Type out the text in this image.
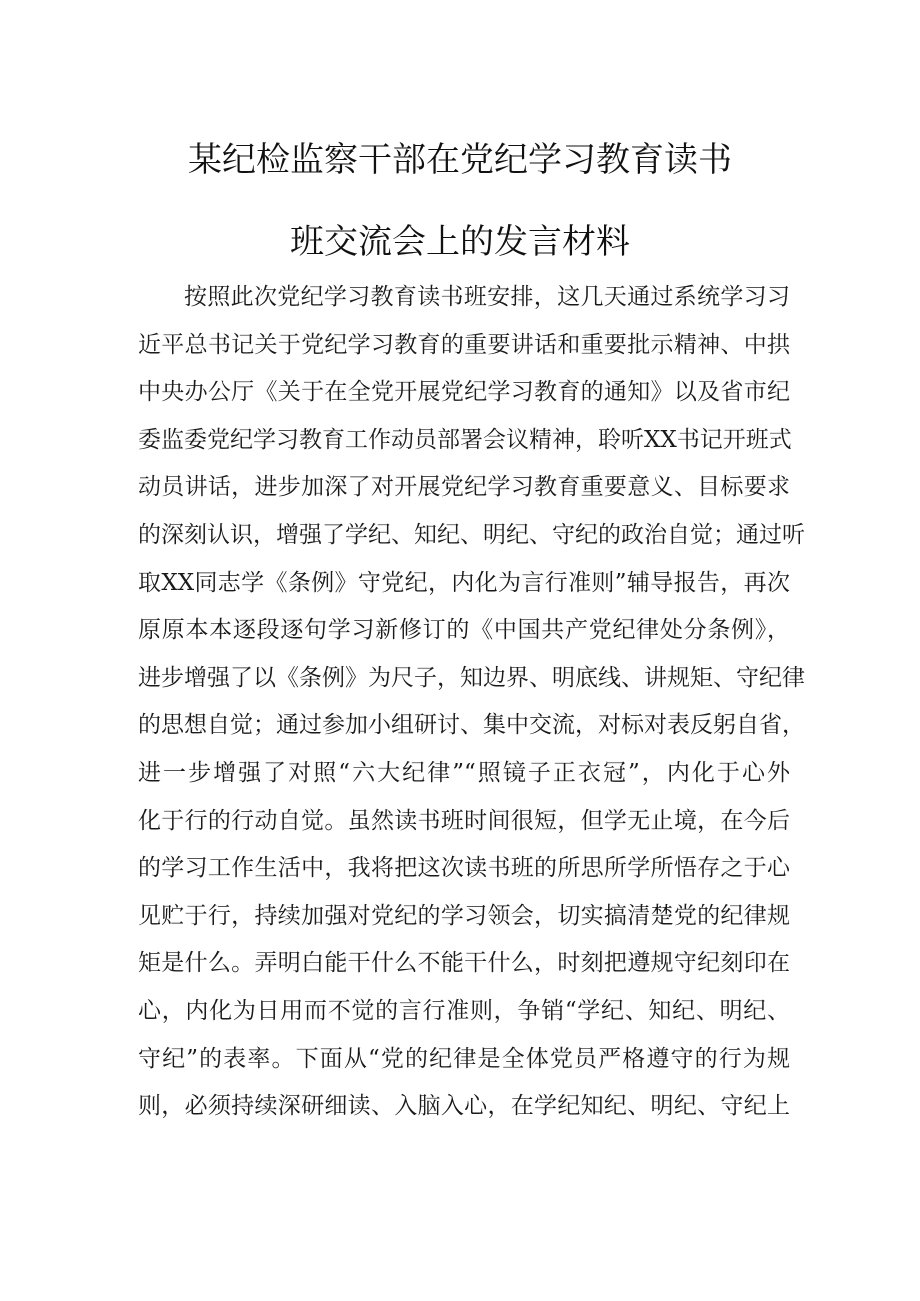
某纪检监察干部在党纪学习教育读书
班交流会上的发言材料
按照此次党纪学习教育读书班安排，这几天通过系统学习习
近平总书记关于党纪学习教育的重要讲话和重要批示精神、中拱
中央办公厅《关于在全党开展党纪学习教育的通知》以及省市纪
委监委党纪学习教育工作动员部署会议精神，聆听XX书记开班式
动员讲话，进步加深了对开展党纪学习教育重要意义、目标要求
的深刻认识，增强了学纪、知纪、明纪、守纪的政治自觉；通过听
取XX同志学《条例》守党纪，内化为言行准则”辅导报告，再次
原原本本逐段逐句学习新修订的《中国共产党纪律处分条例》，
进步增强了以《条例》为尺子，知边界、明底线、讲规矩、守纪律
的思想自觉；通过参加小组研讨、集中交流，对标对表反躬自省，
进一步增强了对照“六大纪律”“照镜子正衣冠”，内化于心外
化于行的行动自觉。虽然读书班时间很短，但学无止境，在今后
的学习工作生活中，我将把这次读书班的所思所学所悟存之于心
见贮于行，持续加强对党纪的学习领会，切实搞清楚党的纪律规
矩是什么。弄明白能干什么不能干什么，时刻把遵规守纪刻印在
心，内化为日用而不觉的言行准则，争销“学纪、知纪、明纪、
守纪”的表率。下面从“党的纪律是全体党员严格遵守的行为规
则，必须持续深研细读、入脑入心，在学纪知纪、明纪、守纪上
